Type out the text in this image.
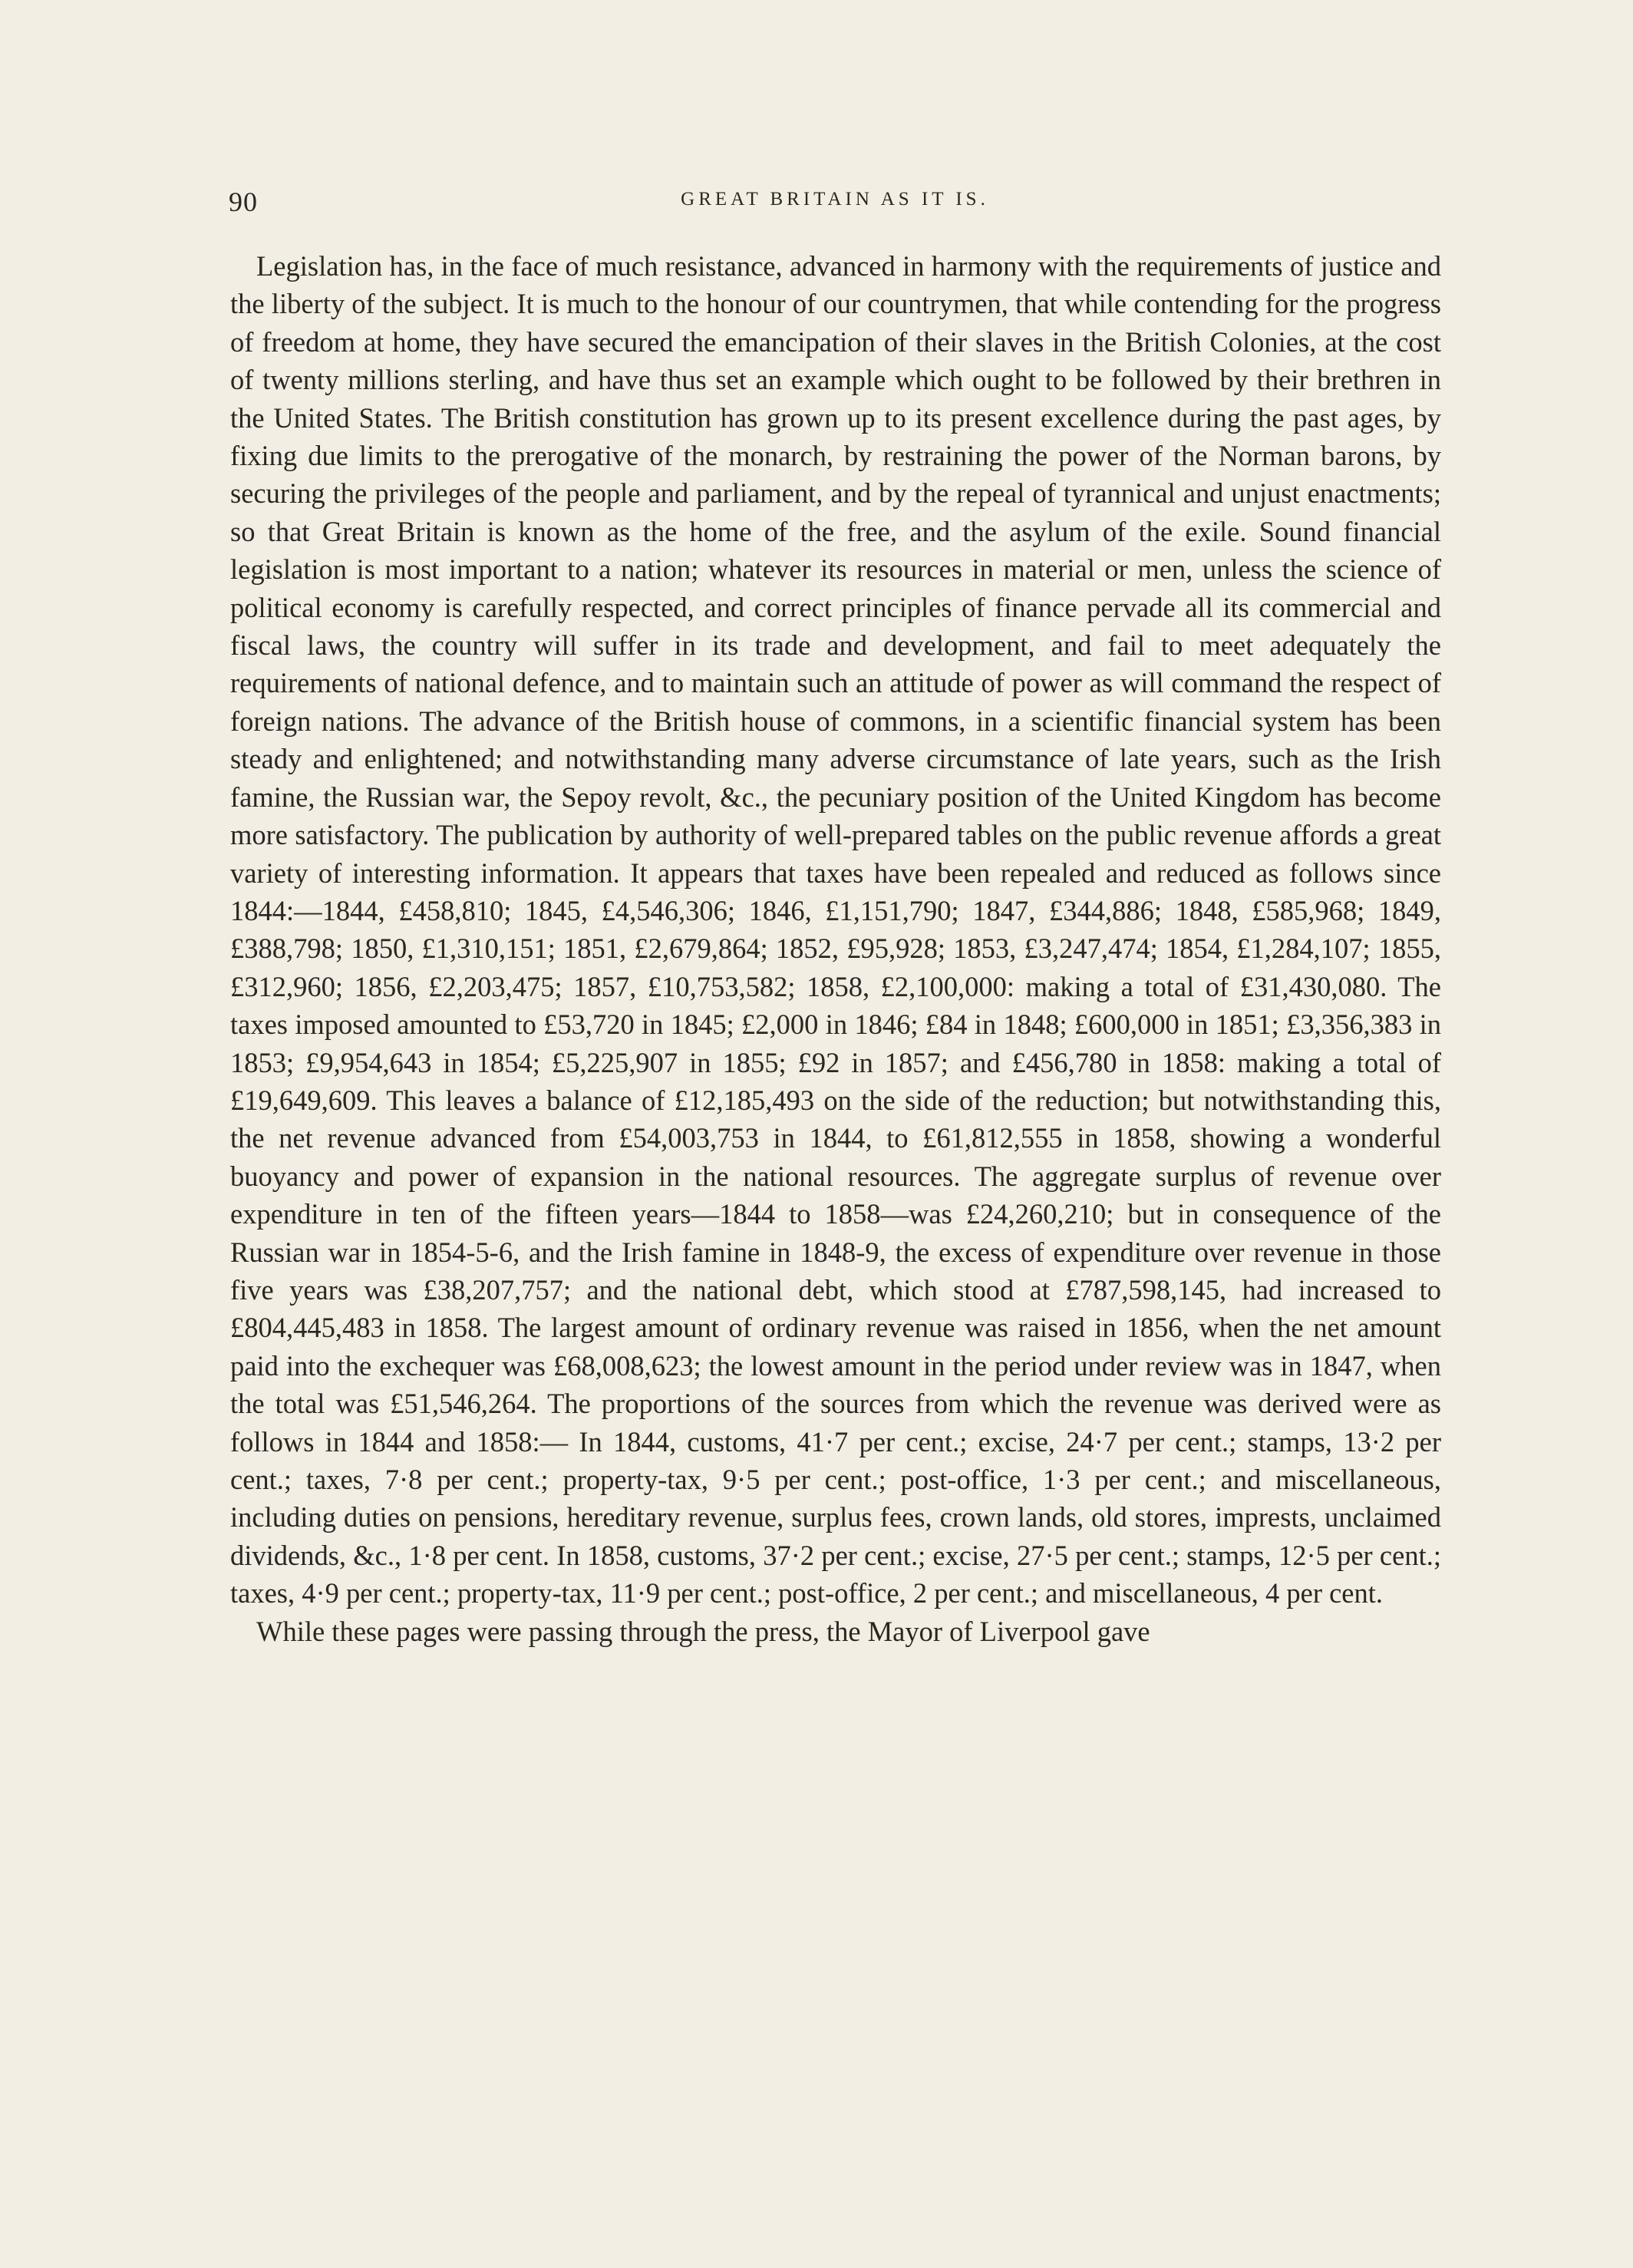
90	GREAT BRITAIN AS IT IS.

Legislation has, in the face of much resistance, advanced in harmony with the requirements of justice and the liberty of the subject. It is much to the honour of our countrymen, that while contending for the progress of freedom at home, they have secured the emancipation of their slaves in the British Colonies, at the cost of twenty millions sterling, and have thus set an example which ought to be followed by their brethren in the United States. The British constitution has grown up to its present excellence during the past ages, by fixing due limits to the prerogative of the monarch, by restraining the power of the Norman barons, by securing the privileges of the people and parliament, and by the repeal of tyrannical and unjust enactments; so that Great Britain is known as the home of the free, and the asylum of the exile. Sound financial legislation is most important to a nation; whatever its resources in material or men, unless the science of political economy is carefully respected, and correct principles of finance pervade all its commercial and fiscal laws, the country will suffer in its trade and development, and fail to meet adequately the requirements of national defence, and to maintain such an attitude of power as will command the respect of foreign nations. The advance of the British house of commons, in a scientific financial system has been steady and enlightened; and notwithstanding many adverse circumstance of late years, such as the Irish famine, the Russian war, the Sepoy revolt, &c., the pecuniary position of the United Kingdom has become more satisfactory. The publication by authority of well-prepared tables on the public revenue affords a great variety of interesting information. It appears that taxes have been repealed and reduced as follows since 1844:—1844, £458,810; 1845, £4,546,306; 1846, £1,151,790; 1847, £344,886; 1848, £585,968; 1849, £388,798; 1850, £1,310,151; 1851, £2,679,864; 1852, £95,928; 1853, £3,247,474; 1854, £1,284,107; 1855, £312,960; 1856, £2,203,475; 1857, £10,753,582; 1858, £2,100,000: making a total of £31,430,080. The taxes imposed amounted to £53,720 in 1845; £2,000 in 1846; £84 in 1848; £600,000 in 1851; £3,356,383 in 1853; £9,954,643 in 1854; £5,225,907 in 1855; £92 in 1857; and £456,780 in 1858: making a total of £19,649,609. This leaves a balance of £12,185,493 on the side of the reduction; but notwithstanding this, the net revenue advanced from £54,003,753 in 1844, to £61,812,555 in 1858, showing a wonderful buoyancy and power of expansion in the national resources. The aggregate surplus of revenue over expenditure in ten of the fifteen years—1844 to 1858—was £24,260,210; but in consequence of the Russian war in 1854-5-6, and the Irish famine in 1848-9, the excess of expenditure over revenue in those five years was £38,207,757; and the national debt, which stood at £787,598,145, had increased to £804,445,483 in 1858. The largest amount of ordinary revenue was raised in 1856, when the net amount paid into the exchequer was £68,008,623; the lowest amount in the period under review was in 1847, when the total was £51,546,264. The proportions of the sources from which the revenue was derived were as follows in 1844 and 1858:— In 1844, customs, 41·7 per cent.; excise, 24·7 per cent.; stamps, 13·2 per cent.; taxes, 7·8 per cent.; property-tax, 9·5 per cent.; post-office, 1·3 per cent.; and miscellaneous, including duties on pensions, hereditary revenue, surplus fees, crown lands, old stores, imprests, unclaimed dividends, &c., 1·8 per cent. In 1858, customs, 37·2 per cent.; excise, 27·5 per cent.; stamps, 12·5 per cent.; taxes, 4·9 per cent.; property-tax, 11·9 per cent.; post-office, 2 per cent.; and miscellaneous, 4 per cent.

While these pages were passing through the press, the Mayor of Liverpool gave
